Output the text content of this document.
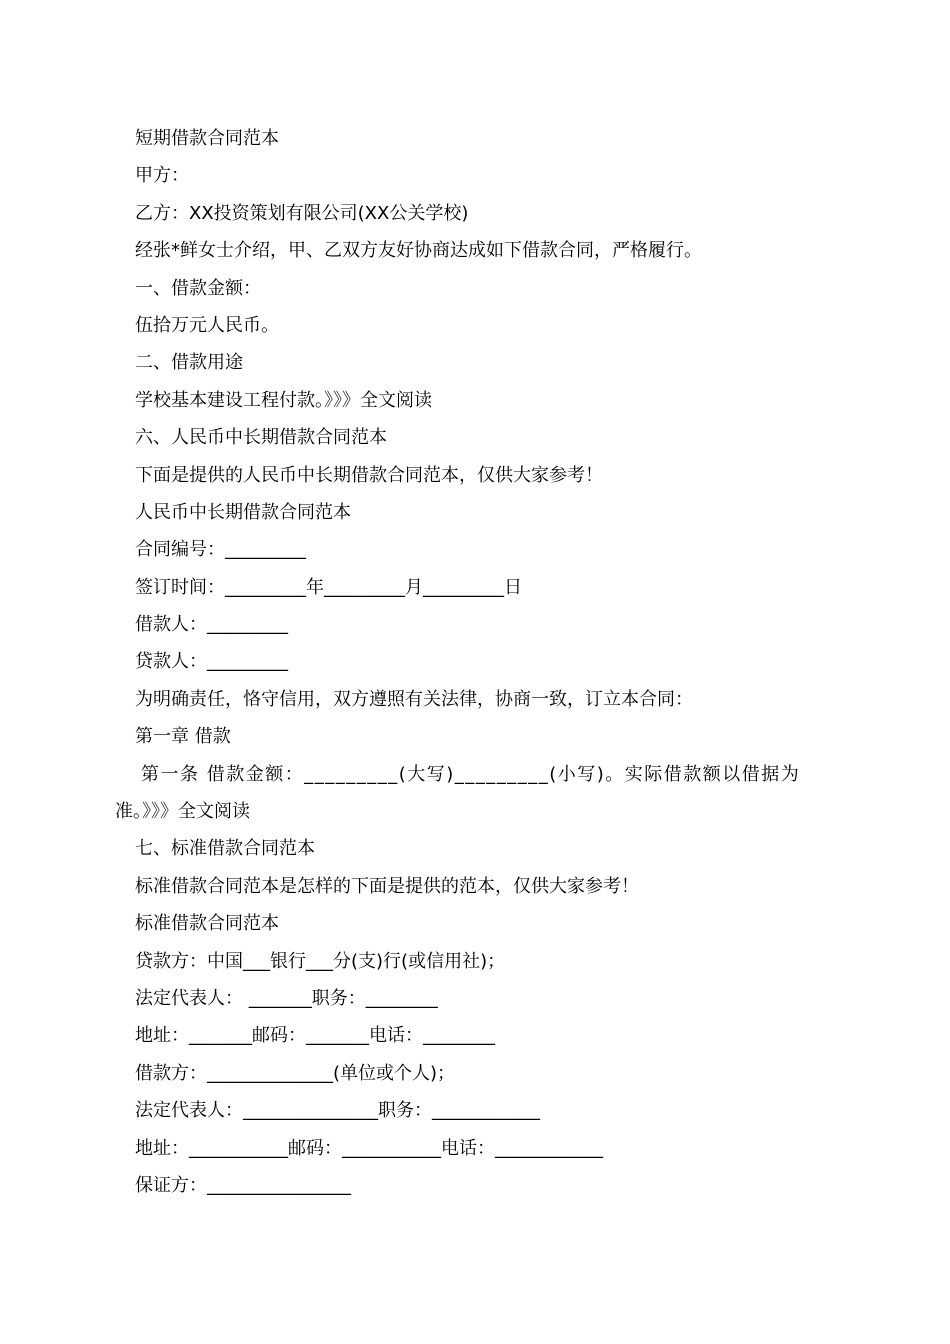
短期借款合同范本
甲方：
乙方：XX投资策划有限公司(XX公关学校)
经张*鲜女士介绍，甲、乙双方友好协商达成如下借款合同，严格履行。
一、借款金额：
伍拾万元人民币。
二、借款用途
学校基本建设工程付款。》》》全文阅读
六、人民币中长期借款合同范本
下面是提供的人民币中长期借款合同范本，仅供大家参考！
人民币中长期借款合同范本
合同编号：_________
签订时间：_________年_________月_________日
借款人：_________
贷款人：_________
为明确责任，恪守信用，双方遵照有关法律，协商一致，订立本合同：
第一章 借款
第一条 借款金额：_________(大写)_________(小写)。实际借款额以借据为
准。》》》全文阅读
七、标准借款合同范本
标准借款合同范本是怎样的下面是提供的范本，仅供大家参考！
标准借款合同范本
贷款方：中国___银行___分(支)行(或信用社)；
法定代表人： _______职务：________
地址：_______邮码：_______电话：________
借款方：______________(单位或个人)；
法定代表人：_______________职务：____________
地址：___________邮码：___________电话：____________
保证方：________________
